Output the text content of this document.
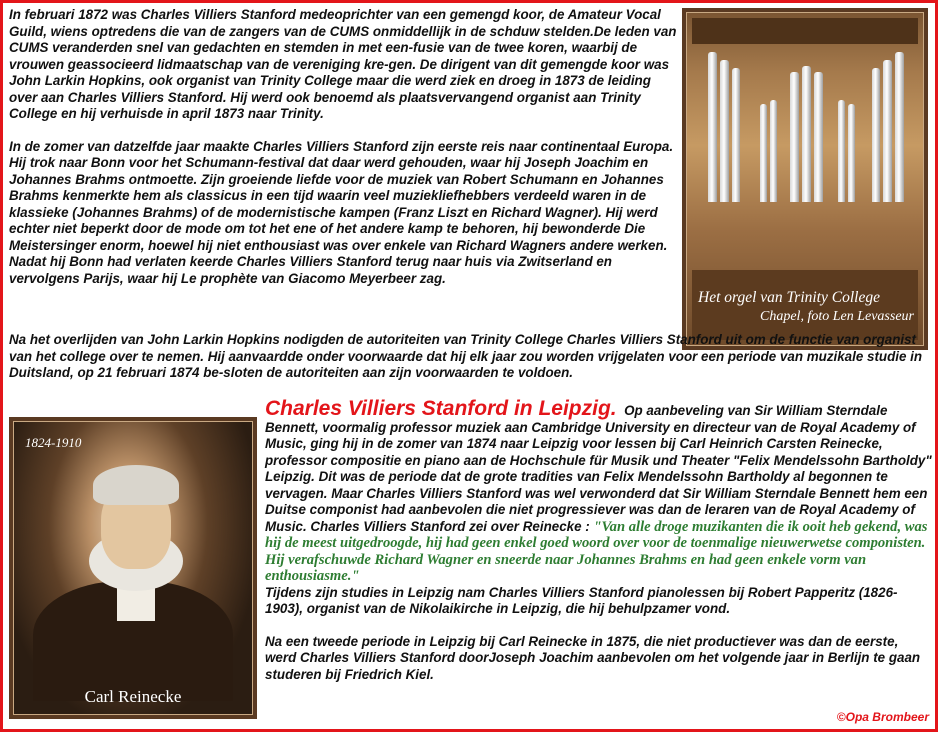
In februari 1872 was Charles Villiers Stanford medeoprichter van een gemengd koor, de Amateur Vocal Guild, wiens optredens die van de zangers van de CUMS onmiddellijk in de schduw stelden.De leden van CUMS veranderden snel van gedachten en stemden in met een-fusie van de twee koren, waarbij de vrouwen geassocieerd lidmaatschap van de vereniging kre-gen. De dirigent van dit gemengde koor was John Larkin Hopkins, ook organist van Trinity College maar die werd ziek en droeg in 1873 de leiding over aan Charles Villiers Stanford. Hij werd ook benoemd als plaatsvervangend organist aan Trinity College en hij verhuisde in april 1873 naar Trinity.

In de zomer van datzelfde jaar maakte Charles Villiers Stanford zijn eerste reis naar continentaal Europa. Hij trok naar Bonn voor het Schumann-festival dat daar werd gehouden, waar hij Joseph Joachim en Johannes Brahms ontmoette. Zijn groeiende liefde voor de muziek van Robert Schumann en Johannes Brahms kenmerkte hem als classicus in een tijd waarin veel muziekliefhebbers verdeeld waren in de klassieke (Johannes Brahms) of de modernistische kampen (Franz Liszt en Richard Wagner). Hij werd echter niet beperkt door de mode om tot het ene of het andere kamp te behoren, hij bewonderde Die Meistersinger enorm, hoewel hij niet enthousiast was over enkele van Richard Wagners andere werken. Nadat hij Bonn had verlaten keerde Charles Villiers Stanford terug naar huis via Zwitserland en vervolgens Parijs, waar hij Le prophète van Giacomo Meyerbeer zag.

Het orgel van Trinity College
Chapel, foto Len Levasseur

Na het overlijden van John Larkin Hopkins nodigden de autoriteiten van Trinity College Charles Villiers Stanford uit om de functie van organist van het college over te nemen. Hij aanvaardde onder voorwaarde dat hij elk jaar zou worden vrijgelaten voor een periode van muzikale studie in Duitsland, op 21 februari 1874 be-sloten de autoriteiten aan zijn voorwaarden te voldoen.

1824-1910
Carl Reinecke

Charles Villiers Stanford in Leipzig. Op aanbeveling van Sir William Sterndale Bennett, voormalig professor muziek aan Cambridge University en directeur van de Royal Academy of Music, ging hij in de zomer van 1874 naar Leipzig voor lessen bij Carl Heinrich Carsten Reinecke, professor compositie en piano aan de Hochschule für Musik und Theater "Felix Mendelssohn Bartholdy" Leipzig. Dit was de periode dat de grote tradities van Felix Mendelssohn Bartholdy al begonnen te vervagen. Maar Charles Villiers Stanford was wel verwonderd dat Sir William Sterndale Bennett hem een Duitse componist had aanbevolen die niet progressiever was dan de leraren van de Royal Academy of Music. Charles Villiers Stanford zei over Reinecke : "Van alle droge muzikanten die ik ooit heb gekend, was hij de meest uitgedroogde, hij had geen enkel goed woord over voor de toenmalige nieuwerwetse componisten. Hij verafschuwde Richard Wagner en sneerde naar Johannes Brahms en had geen enkele vorm van enthousiasme."

Tijdens zijn studies in Leipzig nam Charles Villiers Stanford pianolessen bij Robert Papperitz (1826-1903), organist van de Nikolaikirche in Leipzig, die hij behulpzamer vond.

Na een tweede periode in Leipzig bij Carl Reinecke in 1875, die niet productiever was dan de eerste, werd Charles Villiers Stanford doorJoseph Joachim aanbevolen om het volgende jaar in Berlijn te gaan studeren bij Friedrich Kiel.

©Opa Brombeer
